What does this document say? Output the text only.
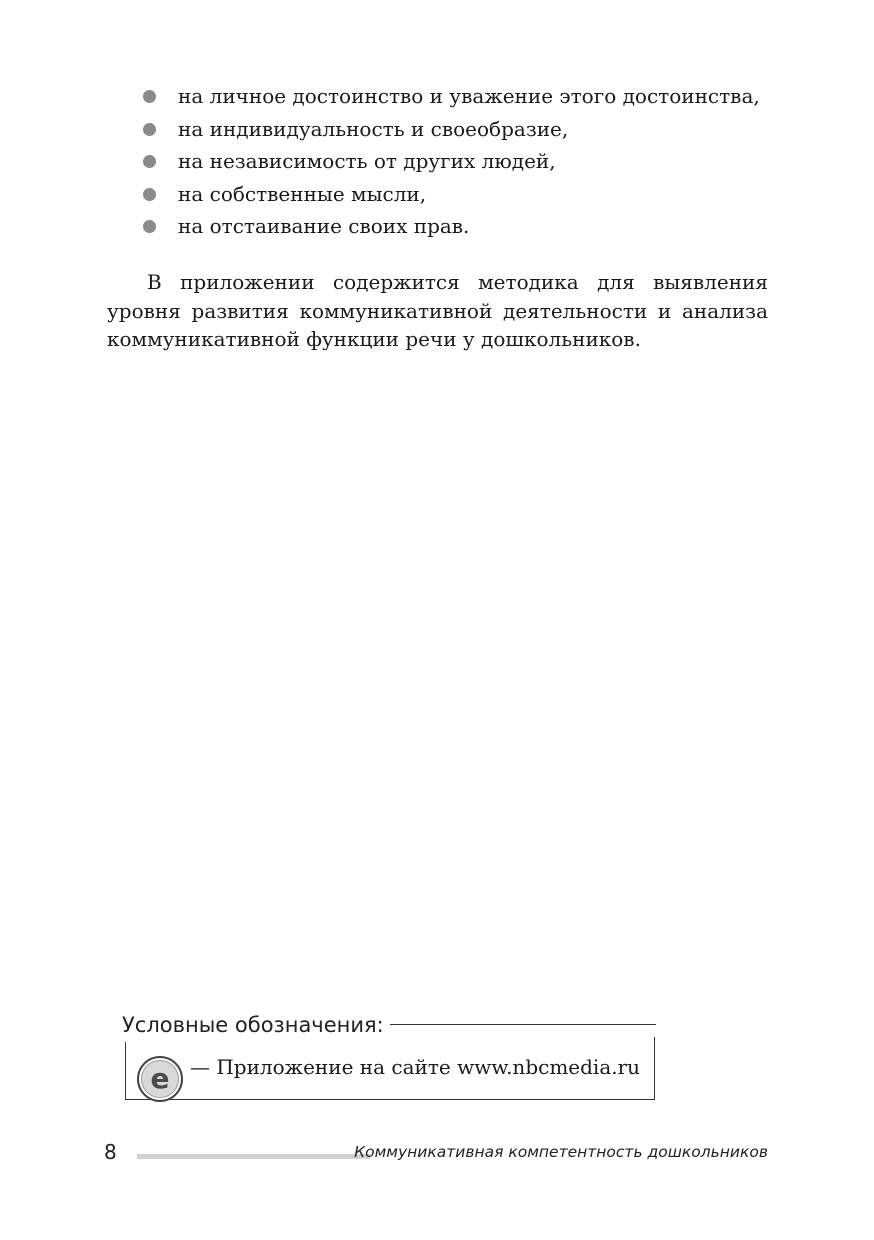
на личное достоинство и уважение этого достоинства,
на индивидуальность и своеобразие,
на независимость от других людей,
на собственные мысли,
на отстаивание своих прав.

В приложении содержится методика для выявления уровня развития коммуникативной деятельности и анализа коммуникативной функции речи у дошкольников.

Условные обозначения:
e — Приложение на сайте www.nbcmedia.ru
8	Коммуникативная компетентность дошкольников
